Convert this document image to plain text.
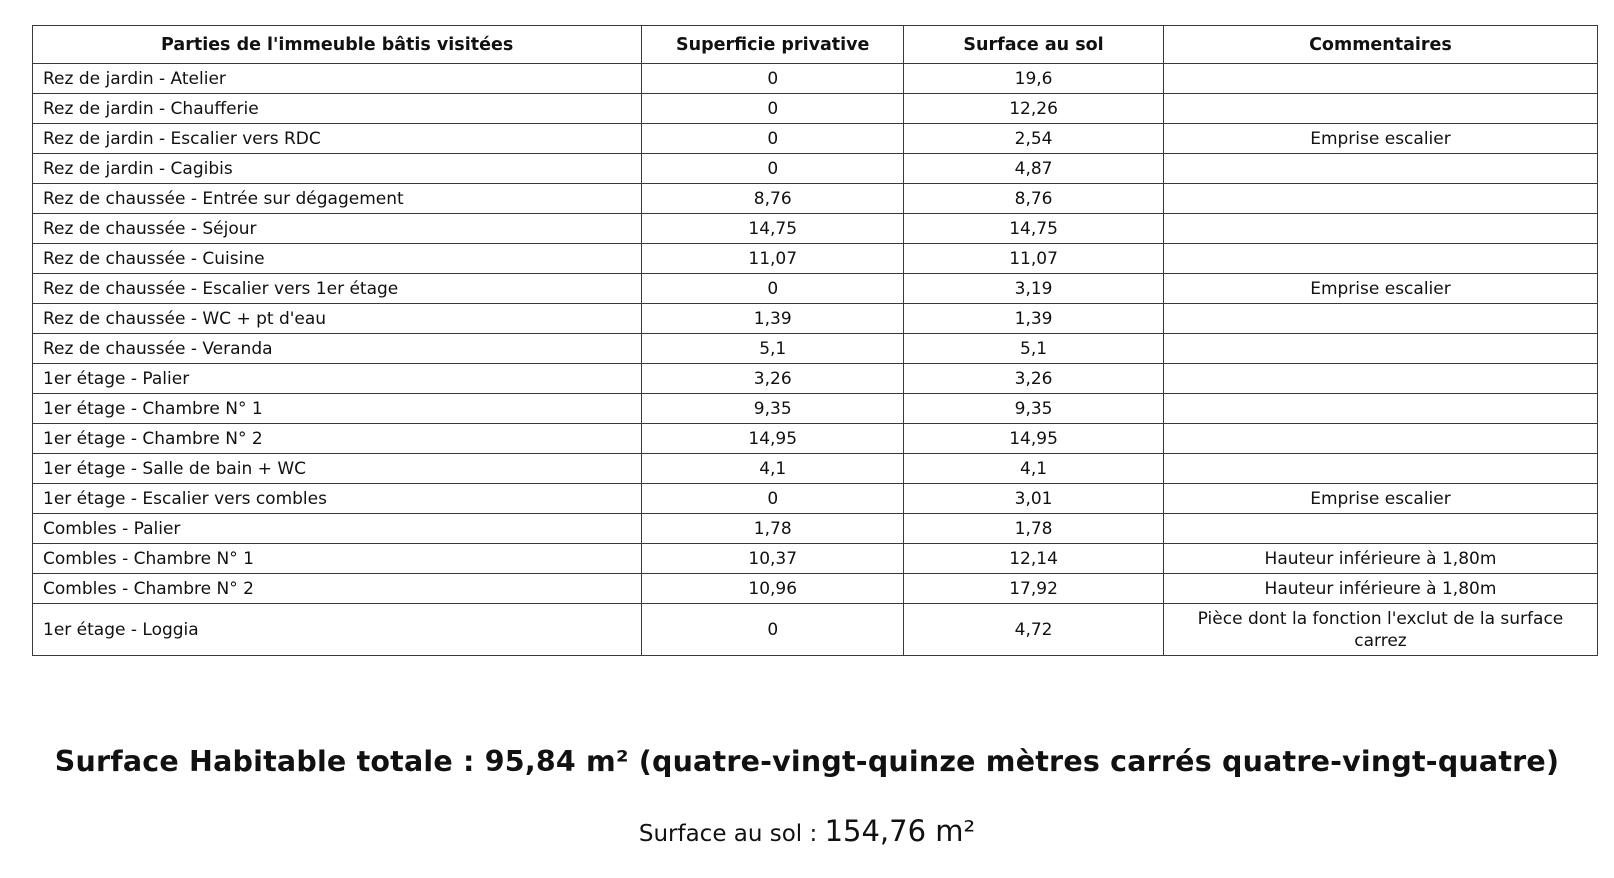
Parties de l'immeuble bâtis visitées	Superficie privative	Surface au sol	Commentaires
Rez de jardin - Atelier	0	19,6	
Rez de jardin - Chaufferie	0	12,26	
Rez de jardin - Escalier vers RDC	0	2,54	Emprise escalier
Rez de jardin - Cagibis	0	4,87	
Rez de chaussée - Entrée sur dégagement	8,76	8,76	
Rez de chaussée - Séjour	14,75	14,75	
Rez de chaussée - Cuisine	11,07	11,07	
Rez de chaussée - Escalier vers 1er étage	0	3,19	Emprise escalier
Rez de chaussée - WC + pt d'eau	1,39	1,39	
Rez de chaussée - Veranda	5,1	5,1	
1er étage - Palier	3,26	3,26	
1er étage - Chambre N° 1	9,35	9,35	
1er étage - Chambre N° 2	14,95	14,95	
1er étage - Salle de bain + WC	4,1	4,1	
1er étage - Escalier vers combles	0	3,01	Emprise escalier
Combles - Palier	1,78	1,78	
Combles - Chambre N° 1	10,37	12,14	Hauteur inférieure à 1,80m
Combles - Chambre N° 2	10,96	17,92	Hauteur inférieure à 1,80m
1er étage - Loggia	0	4,72	Pièce dont la fonction l'exclut de la surface carrez
Surface Habitable totale : 95,84 m² (quatre-vingt-quinze mètres carrés quatre-vingt-quatre)
Surface au sol : 154,76 m²
